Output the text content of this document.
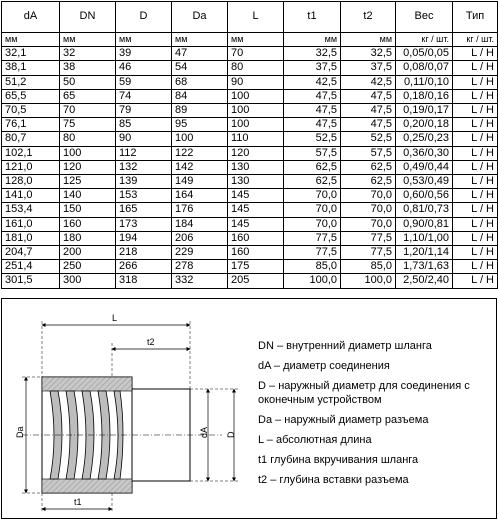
dA	DN	D	Da	L	t1	t2	Вес	Тип
мм	мм	мм	мм	мм	мм	мм	кг / шт.	кг / шт.
32,1	32	39	47	70	32,5	32,5	0,05/0,05	L / H
38,1	38	46	54	80	37,5	37,5	0,08/0,07	L / H
51,2	50	59	68	90	42,5	42,5	0,11/0,10	L / H
65,5	65	74	84	100	47,5	47,5	0,18/0,16	L / H
70,5	70	79	89	100	47,5	47,5	0,19/0,17	L / H
76,1	75	85	95	100	47,5	47,5	0,20/0,18	L / H
80,7	80	90	100	110	52,5	52,5	0,25/0,23	L / H
102,1	100	112	122	120	57,5	57,5	0,36/0,30	L / H
121,0	120	132	142	130	62,5	62,5	0,49/0,44	L / H
128,0	125	139	149	130	62,5	62,5	0,53/0,49	L / H
141,0	140	153	164	145	70,0	70,0	0,60/0,56	L / H
153,4	150	165	176	145	70,0	70,0	0,81/0,73	L / H
161,0	160	173	184	145	70,0	70,0	0,90/0,81	L / H
181,0	180	194	206	160	77,5	77,5	1,10/1,00	L / H
204,7	200	218	229	160	77,5	77,5	1,20/1,14	L / H
251,4	250	266	278	175	85,0	85,0	1,73/1,63	L / H
301,5	300	318	332	205	100,0	100,0	2,50/2,40	L / H
L
t2
t1
Da	dA D

DN – внутренний диаметр шланга

dA – диаметр соединения

D – наружный диаметр для соединения с оконечным устройством

Da – наружный диаметр разъема

L – абсолютная длина

t1 глубина вкручивания шланга

t2 – глубина вставки разъема
